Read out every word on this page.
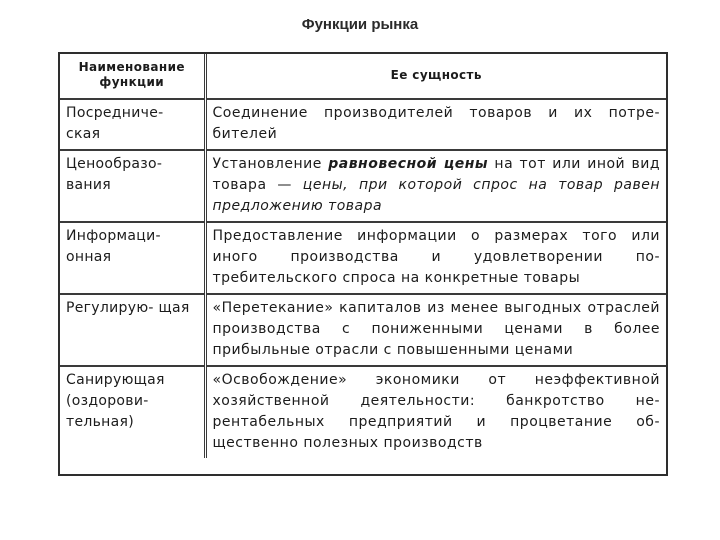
Функции рынка
Наименование функции	Ее сущность
Посредниче- ская	Соединение производителей товаров и их потре- бителей
Ценообразо- вания	Установление равновесной цены на тот или иной вид товара — цены, при которой спрос на товар равен предложению товара
Информаци- онная	Предоставление информации о размерах того или иного производства и удовлетворении по- требительского спроса на конкретные товары
Регулирую- щая	«Перетекание» капиталов из менее выгодных отраслей производства с пониженными ценами в более прибыльные отрасли с повышенными ценами
Санирующая (оздорови- тельная)	«Освобождение» экономики от неэффективной хозяйственной деятельности: банкротство не- рентабельных предприятий и процветание об- щественно полезных производств
